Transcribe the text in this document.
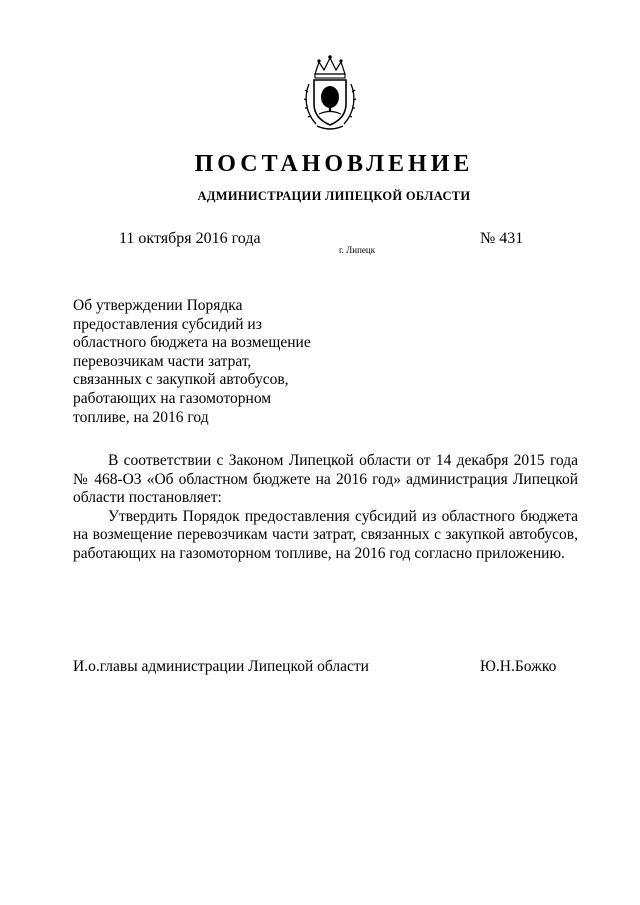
ПОСТАНОВЛЕНИЕ
АДМИНИСТРАЦИИ ЛИПЕЦКОЙ ОБЛАСТИ
11 октября 2016 года
г. Липецк
№ 431
Об утверждении Порядка
предоставления субсидий из
областного бюджета на возмещение
перевозчикам части затрат,
связанных с закупкой автобусов,
работающих на газомоторном
топливе, на 2016 год

В соответствии с Законом Липецкой области от 14 декабря 2015 года № 468-ОЗ «Об областном бюджете на 2016 год» администрация Липецкой области постановляет:

Утвердить Порядок предоставления субсидий из областного бюджета на возмещение перевозчикам части затрат, связанных с закупкой автобусов, работающих на газомоторном топливе, на 2016 год согласно приложению.

И.о.главы администрации Липецкой области	Ю.Н.Божко
